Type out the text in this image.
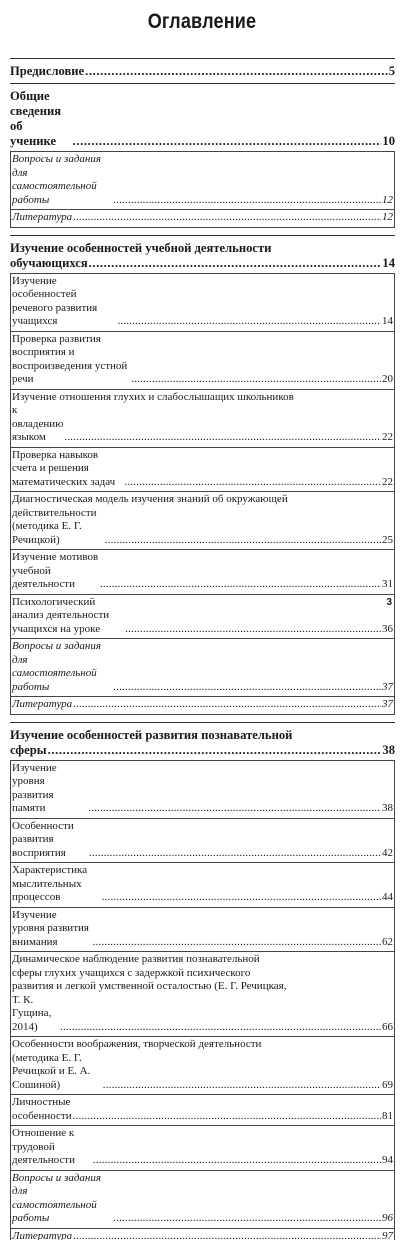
Оглавление
Предисловие .....	5
Общие сведения об ученике .....	10
Вопросы и задания для самостоятельной работы .....	12
Литература .....	12
Изучение особенностей учебной деятельности
обучающихся .....	14
Изучение особенностей речевого развития учащихся .....	14
Проверка развития восприятия и воспроизведения устной речи .....	20
Изучение отношения глухих и слабослышащих школьников
к овладению языком .....	22
Проверка навыков счета и решения математических задач .....	22
Диагностическая модель изучения знаний об окружающей
действительности (методика Е. Г. Речицкой) .....	25
Изучение мотивов учебной деятельности .....	31
Психологический анализ деятельности учащихся на уроке .....	36
Вопросы и задания для самостоятельной работы .....	37
Литература .....	37
Изучение особенностей развития познавательной
сферы .....	38
Изучение уровня развития памяти .....	38
Особенности развития восприятия .....	42
Характеристика мыслительных процессов .....	44
Изучение уровня развития внимания .....	62
Динамическое наблюдение развития познавательной
сферы глухих учащихся с задержкой психического
развития и легкой умственной осталостью (Е. Г. Речицкая,
Т. К. Гущина, 2014) .....	66
Особенности воображения, творческой деятельности
(методика Е. Г. Речицкой и Е. А. Сошиной) .....	69
Личностные особенности .....	81
Отношение к трудовой деятельности .....	94
Вопросы и задания для самостоятельной работы .....	96
Литература .....	97
3
